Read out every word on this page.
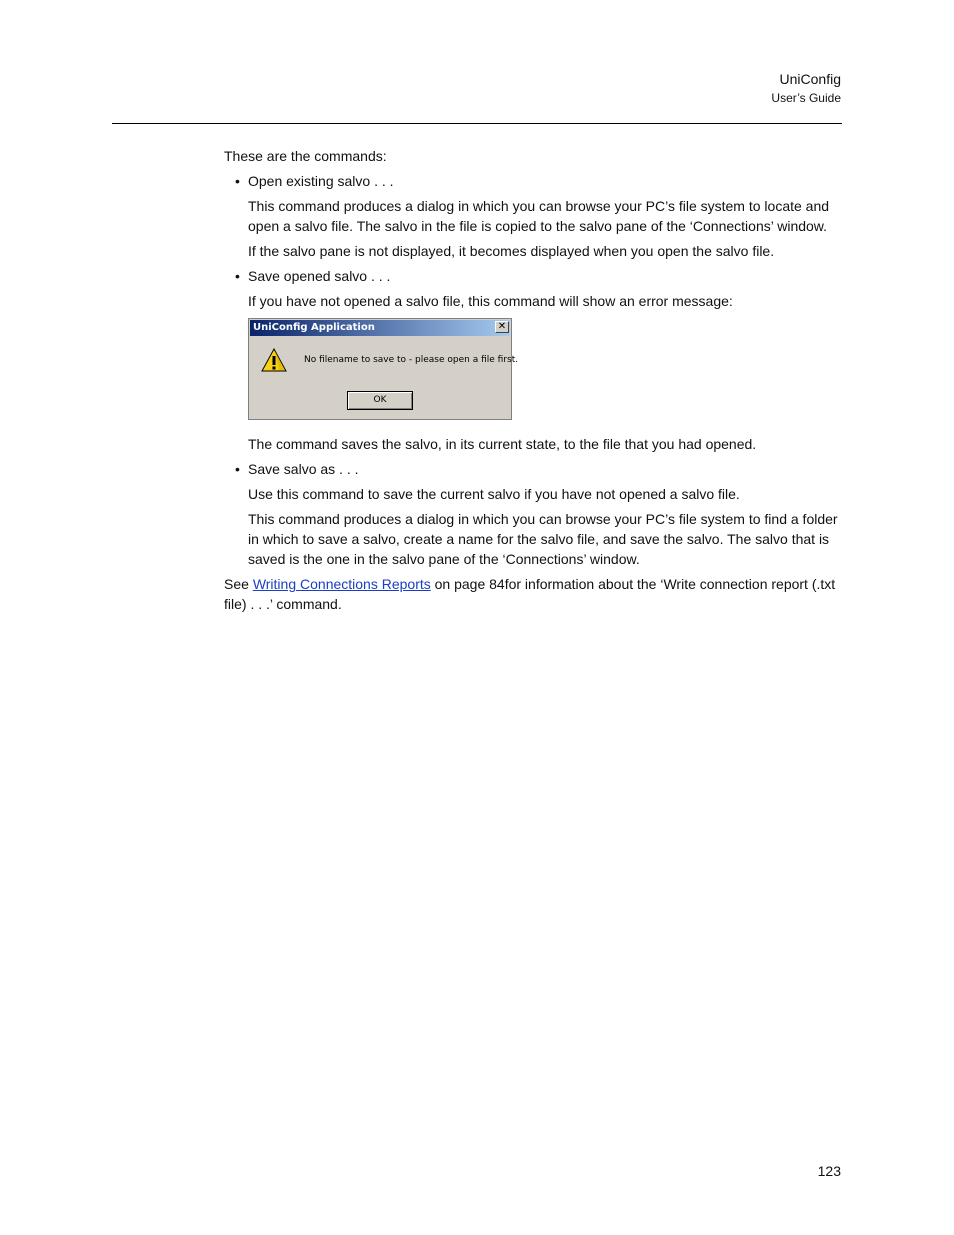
UniConfig
User’s Guide

These are the commands:

• Open existing salvo . . .

This command produces a dialog in which you can browse your PC’s file system to locate and open a salvo file. The salvo in the file is copied to the salvo pane of the ‘Connections’ window.

If the salvo pane is not displayed, it becomes displayed when you open the salvo file.

• Save opened salvo . . .

If you have not opened a salvo file, this command will show an error message:

UniConfig Application	✕
No filename to save to - please open a file first.
OK

The command saves the salvo, in its current state, to the file that you had opened.

• Save salvo as . . .

Use this command to save the current salvo if you have not opened a salvo file.

This command produces a dialog in which you can browse your PC’s file system to find a folder in which to save a salvo, create a name for the salvo file, and save the salvo. The salvo that is saved is the one in the salvo pane of the ‘Connections’ window.

See Writing Connections Reports on page 84for information about the ‘Write connection report (.txt file) . . .’ command.

123
